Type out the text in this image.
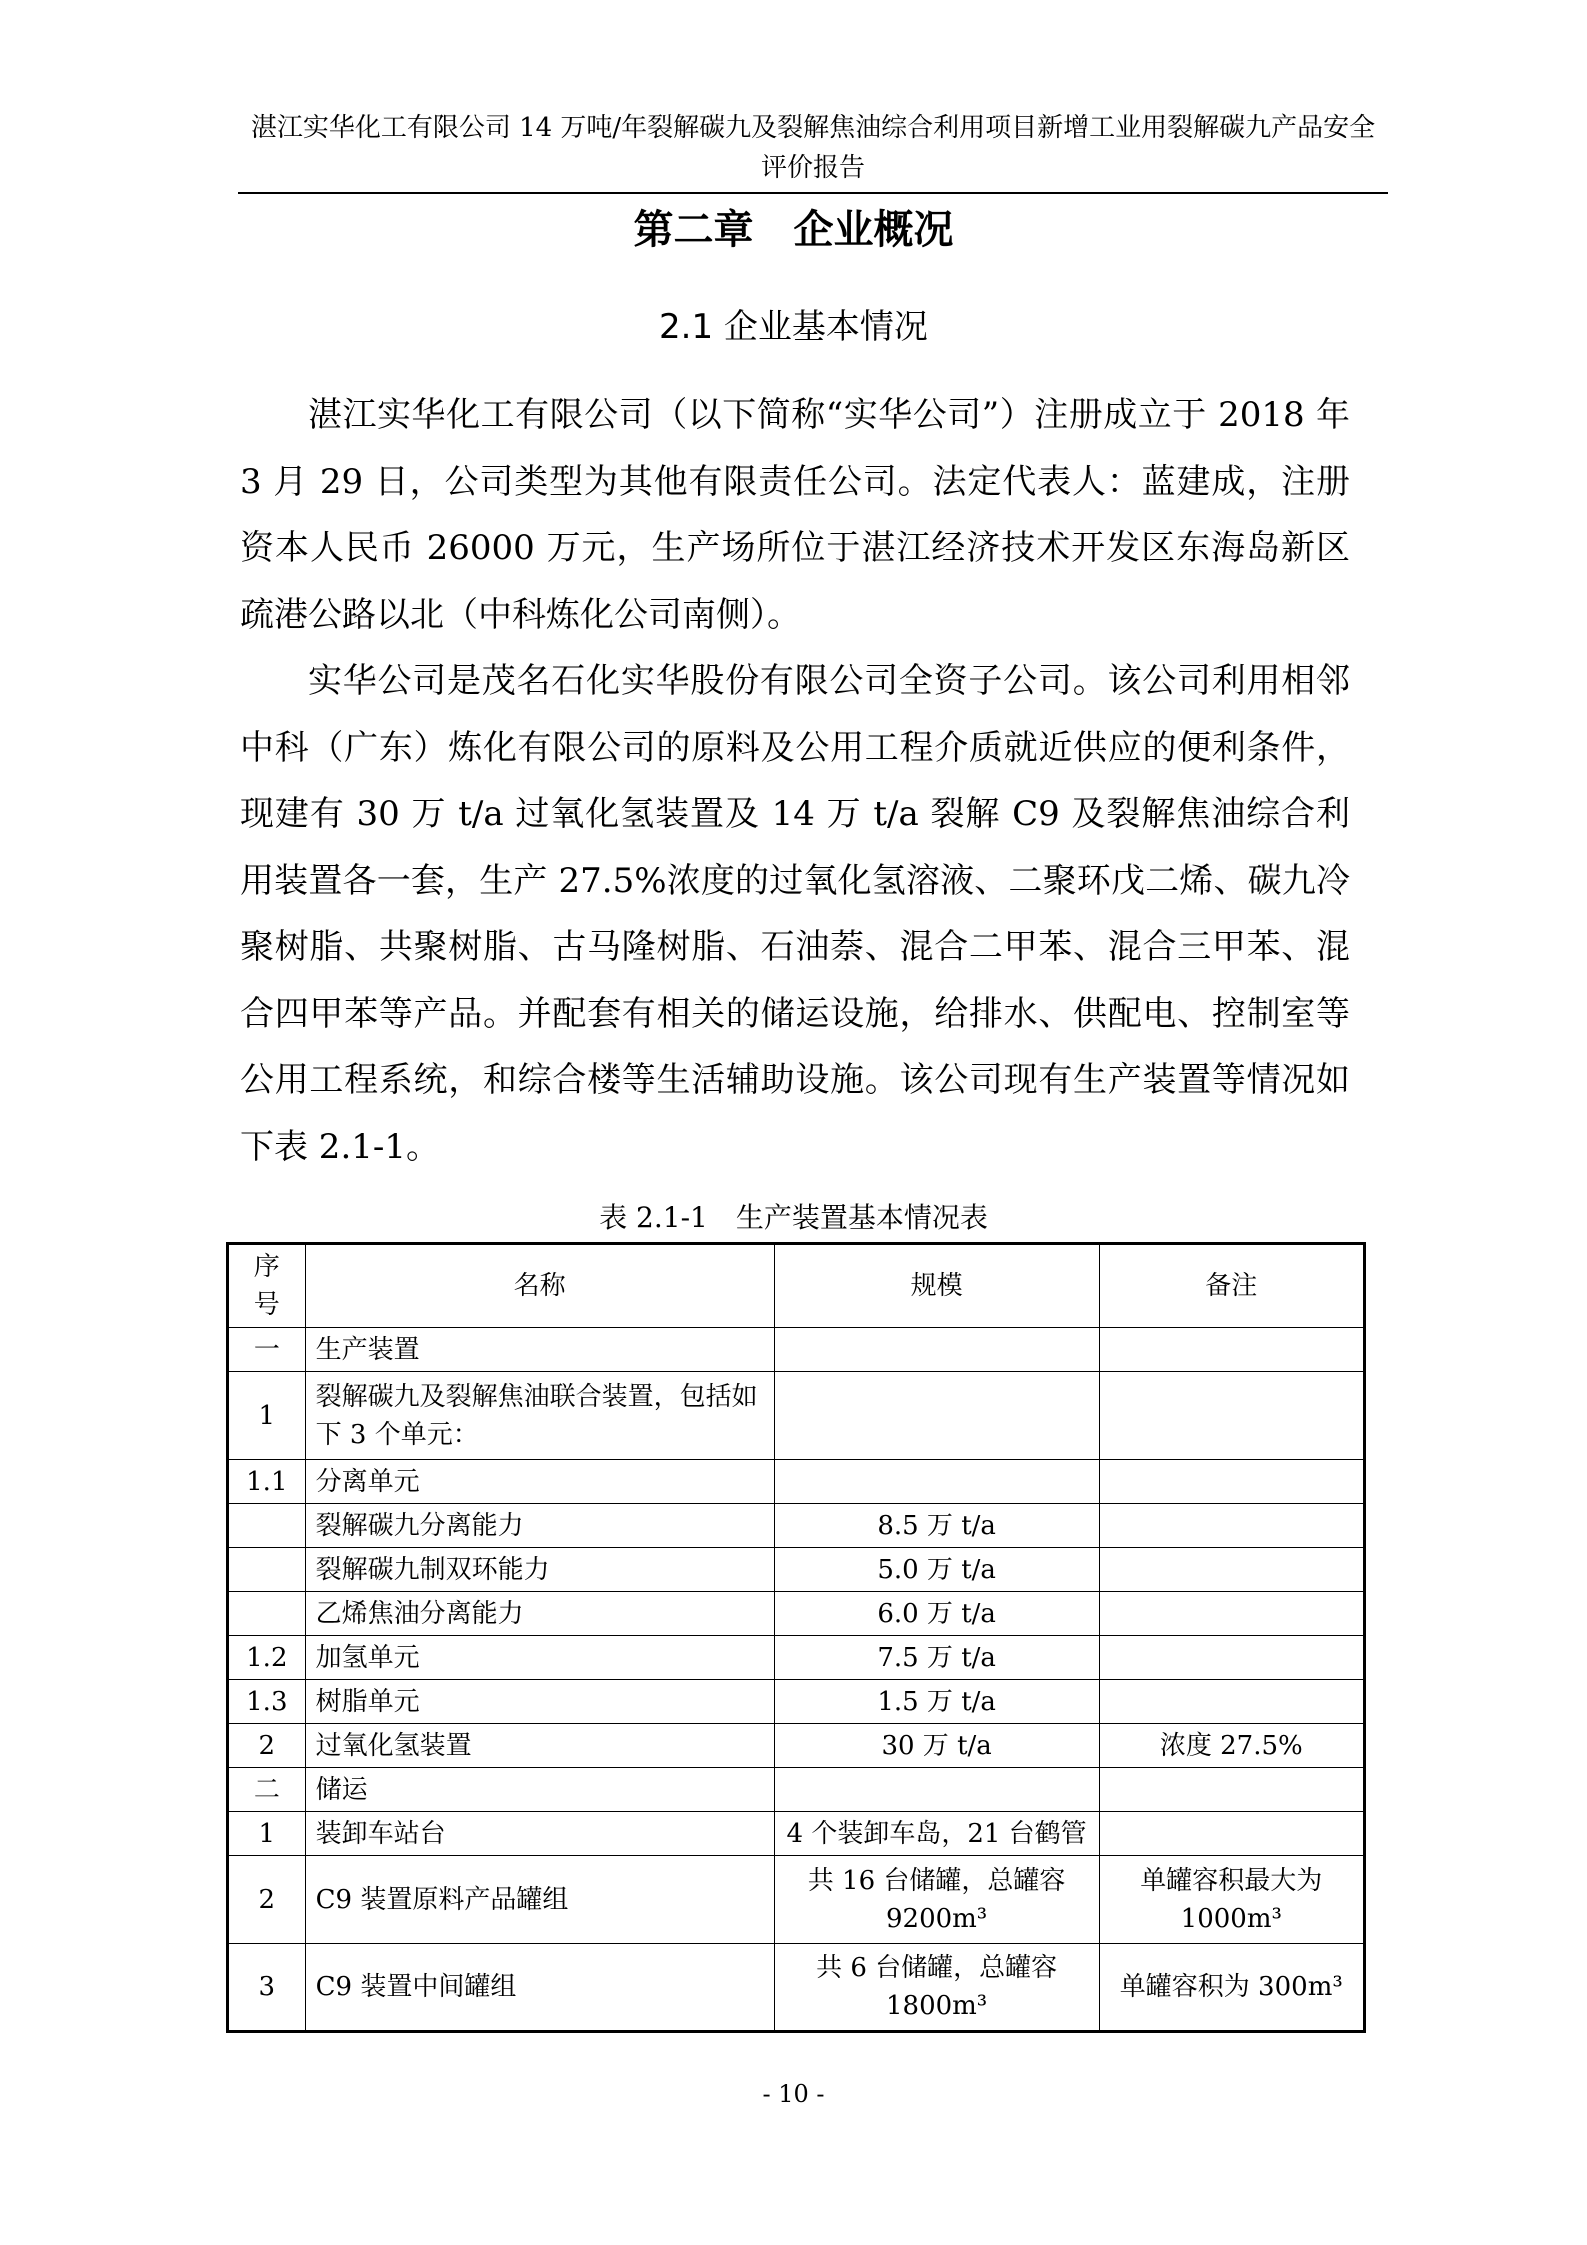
湛江实华化工有限公司 14 万吨/年裂解碳九及裂解焦油综合利用项目新增工业用裂解碳九产品安全评价报告
第二章　企业概况
2.1 企业基本情况

湛江实华化工有限公司（以下简称“实华公司”）注册成立于 2018 年 3 月 29 日，公司类型为其他有限责任公司。法定代表人：蓝建成，注册资本人民币 26000 万元，生产场所位于湛江经济技术开发区东海岛新区疏港公路以北（中科炼化公司南侧）。

实华公司是茂名石化实华股份有限公司全资子公司。该公司利用相邻中科（广东）炼化有限公司的原料及公用工程介质就近供应的便利条件，现建有 30 万 t/a 过氧化氢装置及 14 万 t/a 裂解 C9 及裂解焦油综合利用装置各一套，生产 27.5%浓度的过氧化氢溶液、二聚环戊二烯、碳九冷聚树脂、共聚树脂、古马隆树脂、石油萘、混合二甲苯、混合三甲苯、混合四甲苯等产品。并配套有相关的储运设施，给排水、供配电、控制室等公用工程系统，和综合楼等生活辅助设施。该公司现有生产装置等情况如下表 2.1-1。

表 2.1-1　生产装置基本情况表
序号	名称	规模	备注
一	生产装置		
1	裂解碳九及裂解焦油联合装置，包括如下 3 个单元：		
1.1	分离单元		
	裂解碳九分离能力	8.5 万 t/a	
	裂解碳九制双环能力	5.0 万 t/a	
	乙烯焦油分离能力	6.0 万 t/a	
1.2	加氢单元	7.5 万 t/a	
1.3	树脂单元	1.5 万 t/a	
2	过氧化氢装置	30 万 t/a	浓度 27.5%
二	储运		
1	装卸车站台	4 个装卸车岛，21 台鹤管	
2	C9 装置原料产品罐组	共 16 台储罐，总罐容 9200m³	单罐容积最大为 1000m³
3	C9 装置中间罐组	共 6 台储罐，总罐容 1800m³	单罐容积为 300m³
- 10 -
